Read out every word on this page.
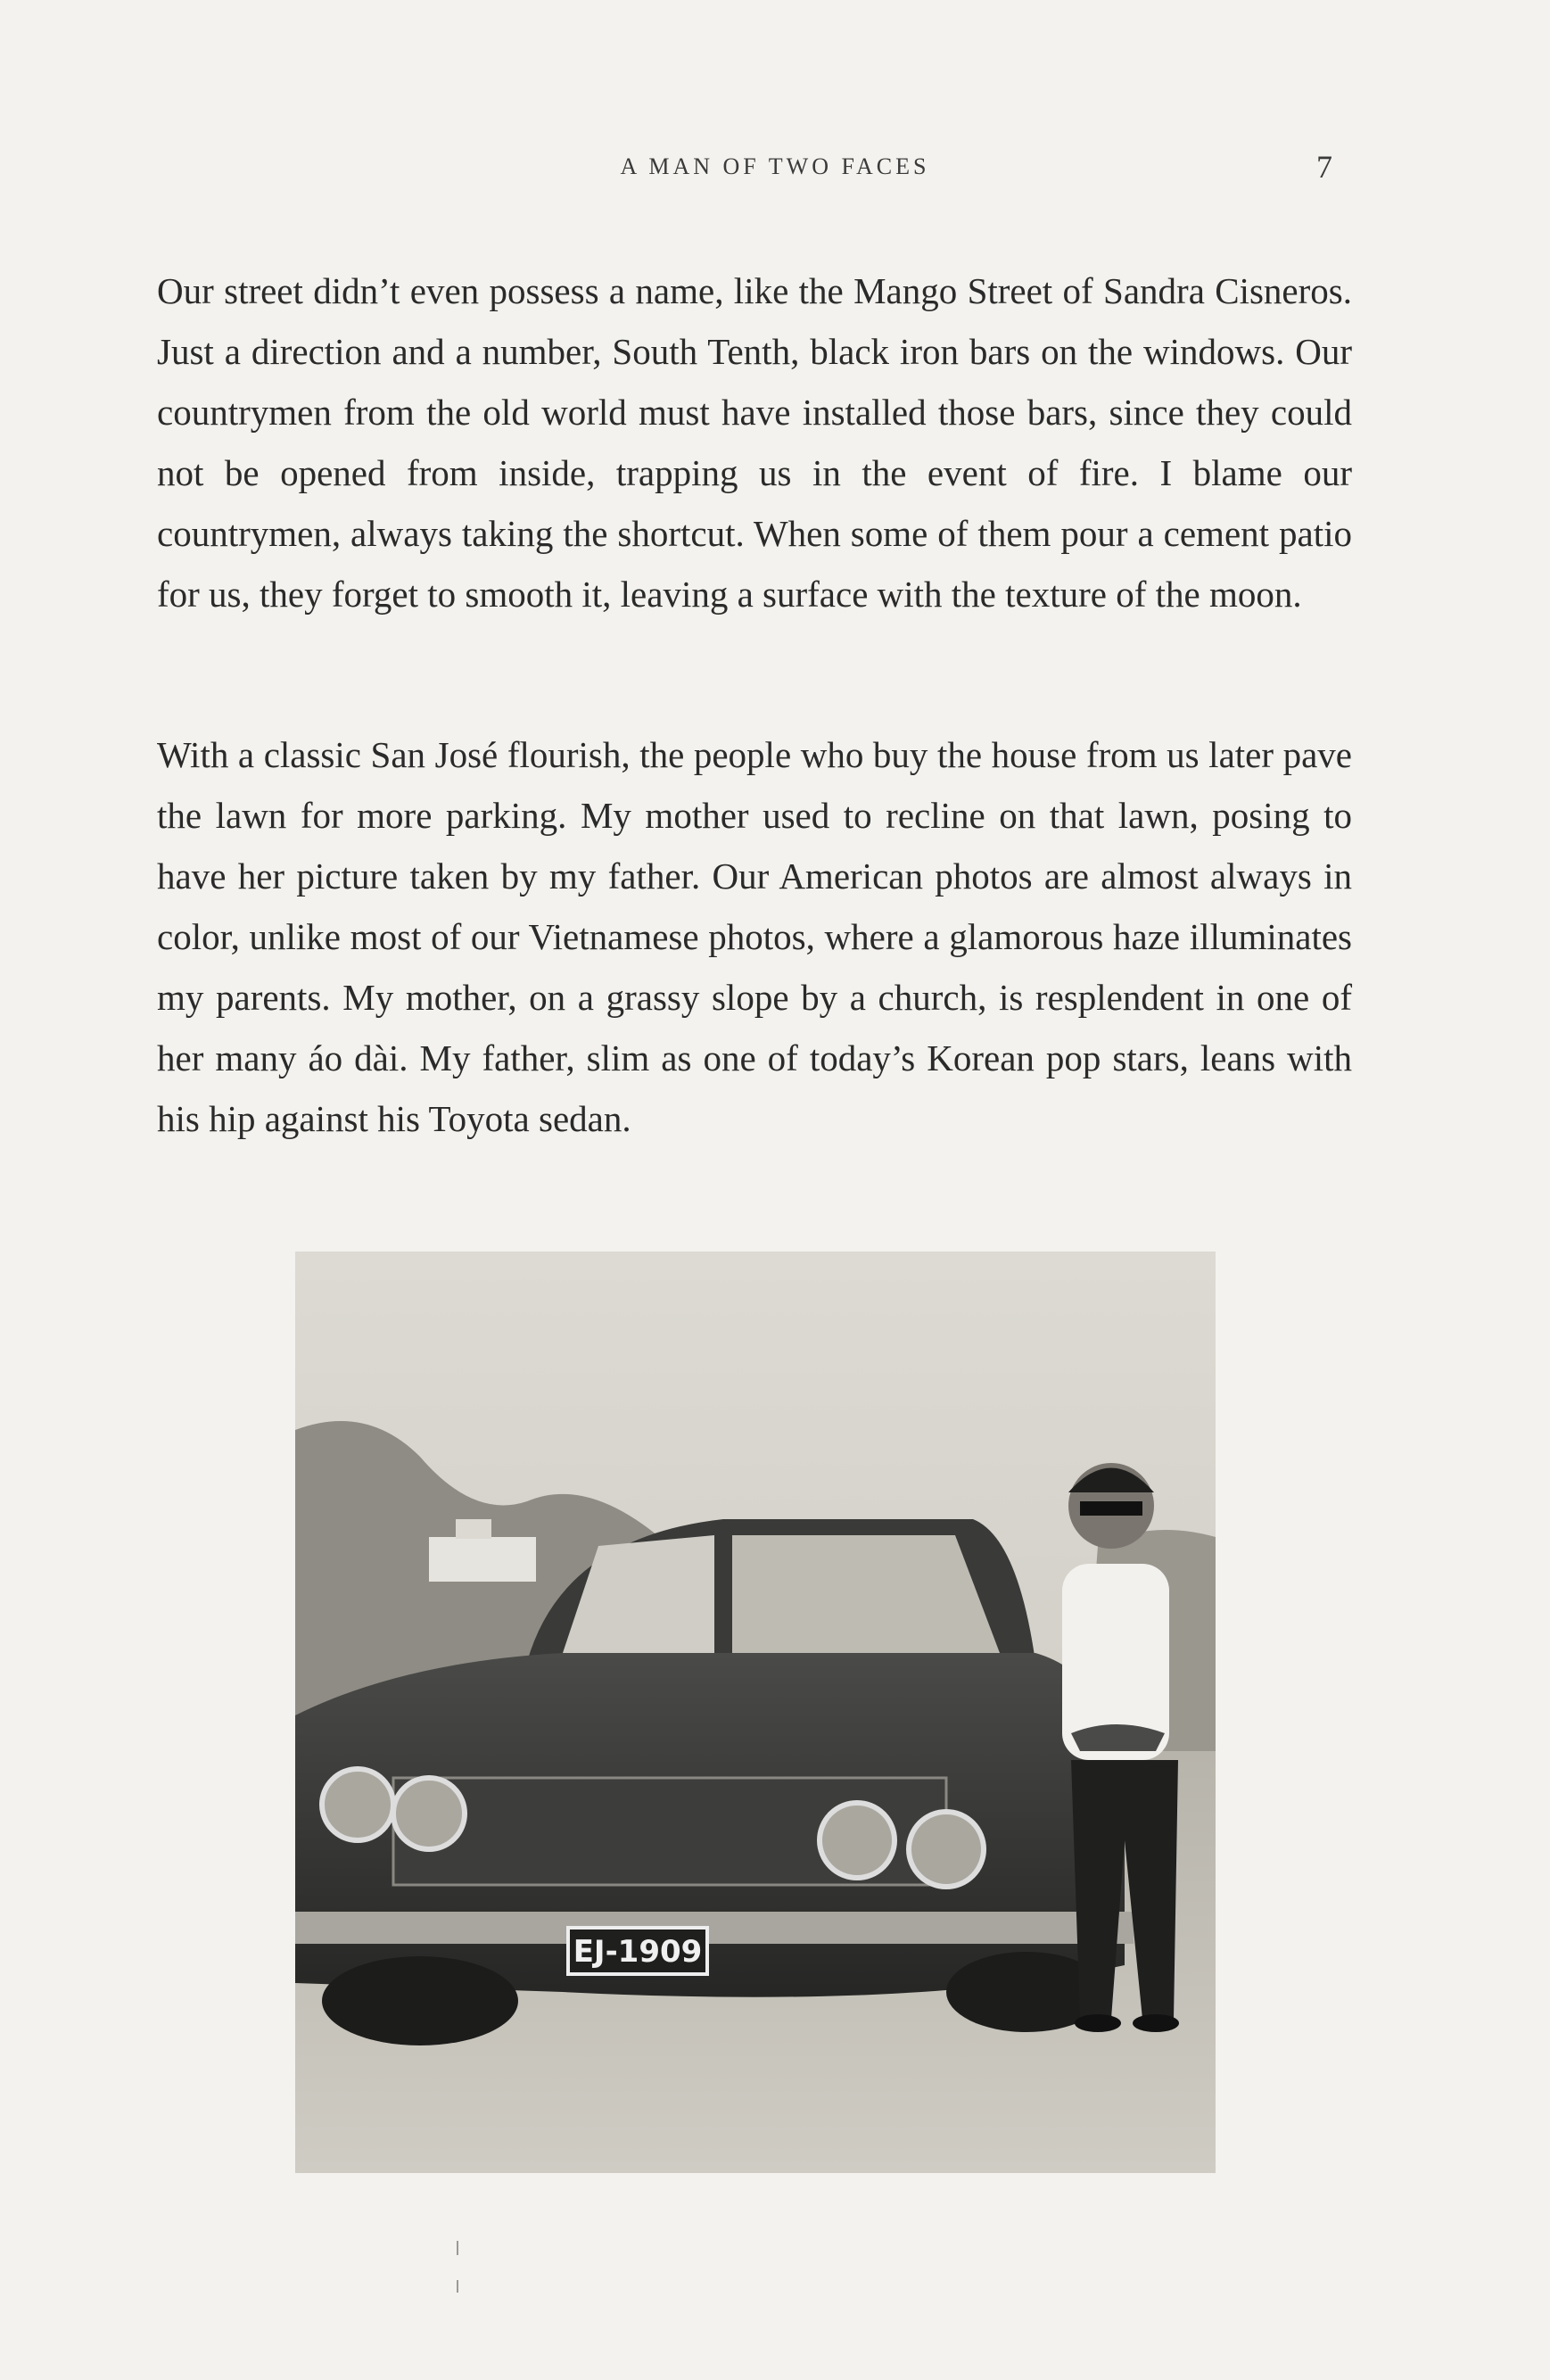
A MAN OF TWO FACES	7

Our street didn’t even possess a name, like the Mango Street of Sandra Cisneros. Just a direction and a number, South Tenth, black iron bars on the windows. Our countrymen from the old world must have installed those bars, since they could not be opened from inside, trapping us in the event of fire. I blame our countrymen, always taking the shortcut. When some of them pour a cement patio for us, they forget to smooth it, leaving a surface with the texture of the moon.

With a classic San José flourish, the people who buy the house from us later pave the lawn for more parking. My mother used to recline on that lawn, posing to have her picture taken by my father. Our American photos are almost always in color, unlike most of our Vietnamese photos, where a glamorous haze illuminates my parents. My mother, on a grassy slope by a church, is resplendent in one of her many áo dài. My father, slim as one of today’s Korean pop stars, leans with his hip against his Toyota sedan.

EJ-1909
